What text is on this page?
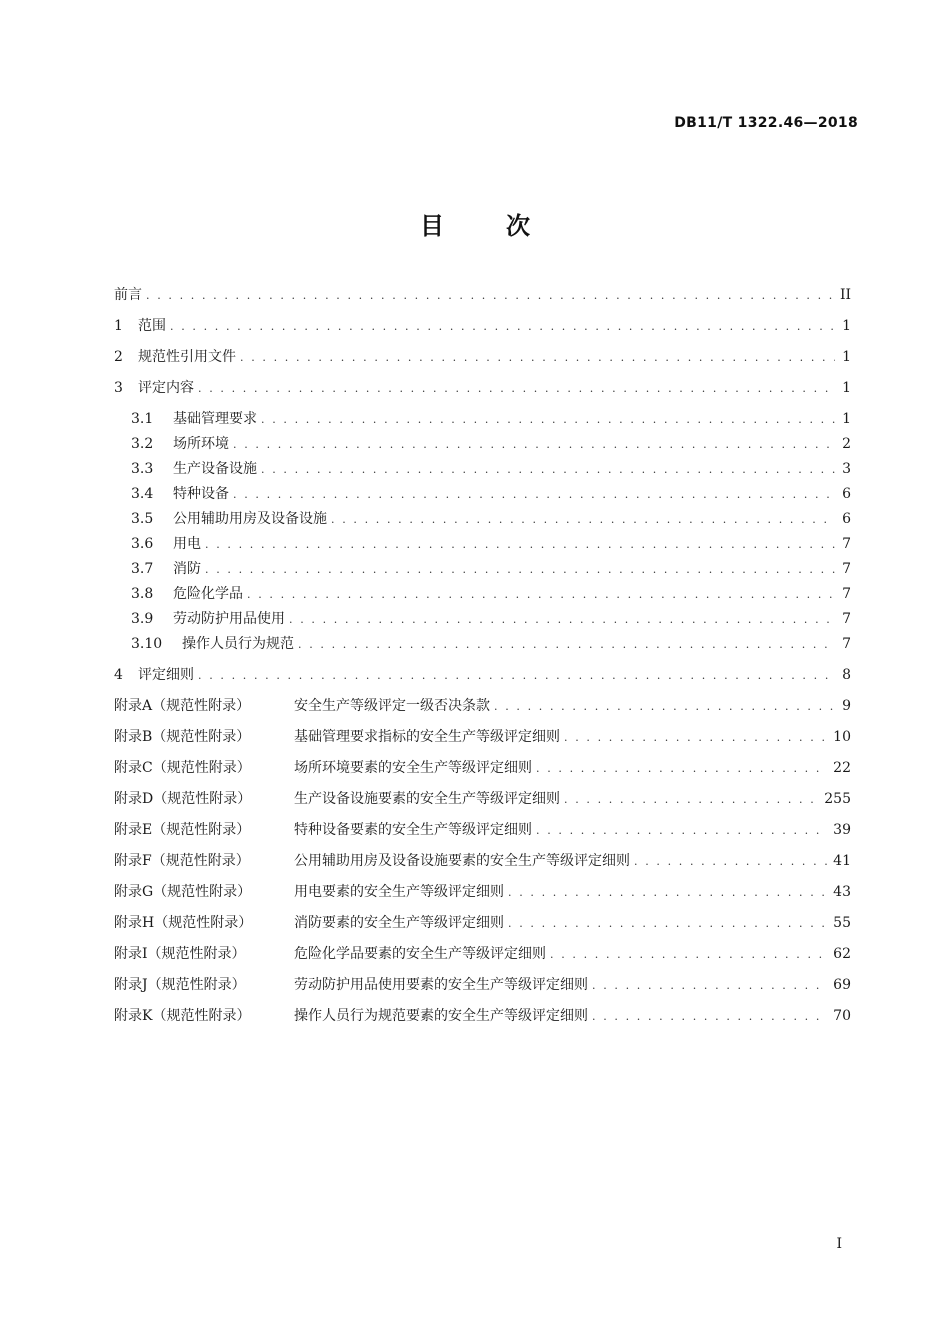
DB11/T 1322.46—2018
目次
前言 . . .	II
1	范围 . . .	1
2	规范性引用文件 . . .	1
3	评定内容 . . .	1
3.1	基础管理要求 . . .	1
3.2	场所环境 . . .	2
3.3	生产设备设施 . . .	3
3.4	特种设备 . . .	6
3.5	公用辅助用房及设备设施 . . .	6
3.6	用电 . . .	7
3.7	消防 . . .	7
3.8	危险化学品 . . .	7
3.9	劳动防护用品使用 . . .	7
3.10	操作人员行为规范 . . .	7
4	评定细则 . . .	8
附录A（规范性附录）	安全生产等级评定一级否决条款 . . .	9
附录B（规范性附录）	基础管理要求指标的安全生产等级评定细则 . . .	10
附录C（规范性附录）	场所环境要素的安全生产等级评定细则 . . .	22
附录D（规范性附录）	生产设备设施要素的安全生产等级评定细则 . . .	255
附录E（规范性附录）	特种设备要素的安全生产等级评定细则 . . .	39
附录F（规范性附录）	公用辅助用房及设备设施要素的安全生产等级评定细则 . . .	41
附录G（规范性附录）	用电要素的安全生产等级评定细则 . . .	43
附录H（规范性附录）	消防要素的安全生产等级评定细则 . . .	55
附录I（规范性附录）	危险化学品要素的安全生产等级评定细则 . . .	62
附录J（规范性附录）	劳动防护用品使用要素的安全生产等级评定细则 . . .	69
附录K（规范性附录）	操作人员行为规范要素的安全生产等级评定细则 . . .	70
I
